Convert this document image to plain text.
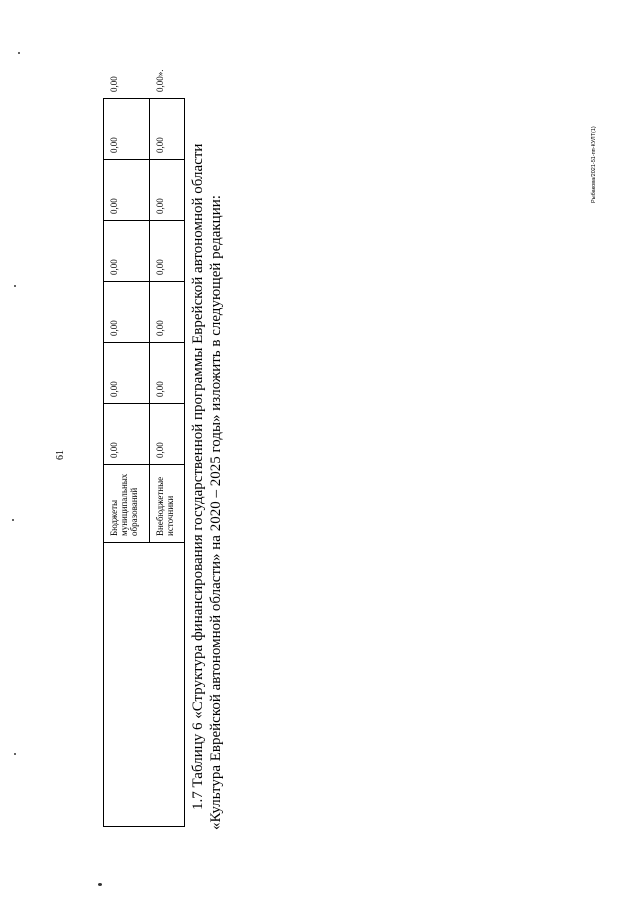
61
	Бюджеты муниципальных образований	0,00	0,00	0,00	0,00	0,00	0,00	0,00
	Внебюджетные источники	0,00	0,00	0,00	0,00	0,00	0,00	0,00».
1.7 Таблицу 6 «Структура финансирования государственной программы Еврейской автономной области «Культура Еврейской автономной области» на 2020 – 2025 годы» изложить в следующей редакции:
Рыбакова/2021-51-пп-КУЛТ(1)
